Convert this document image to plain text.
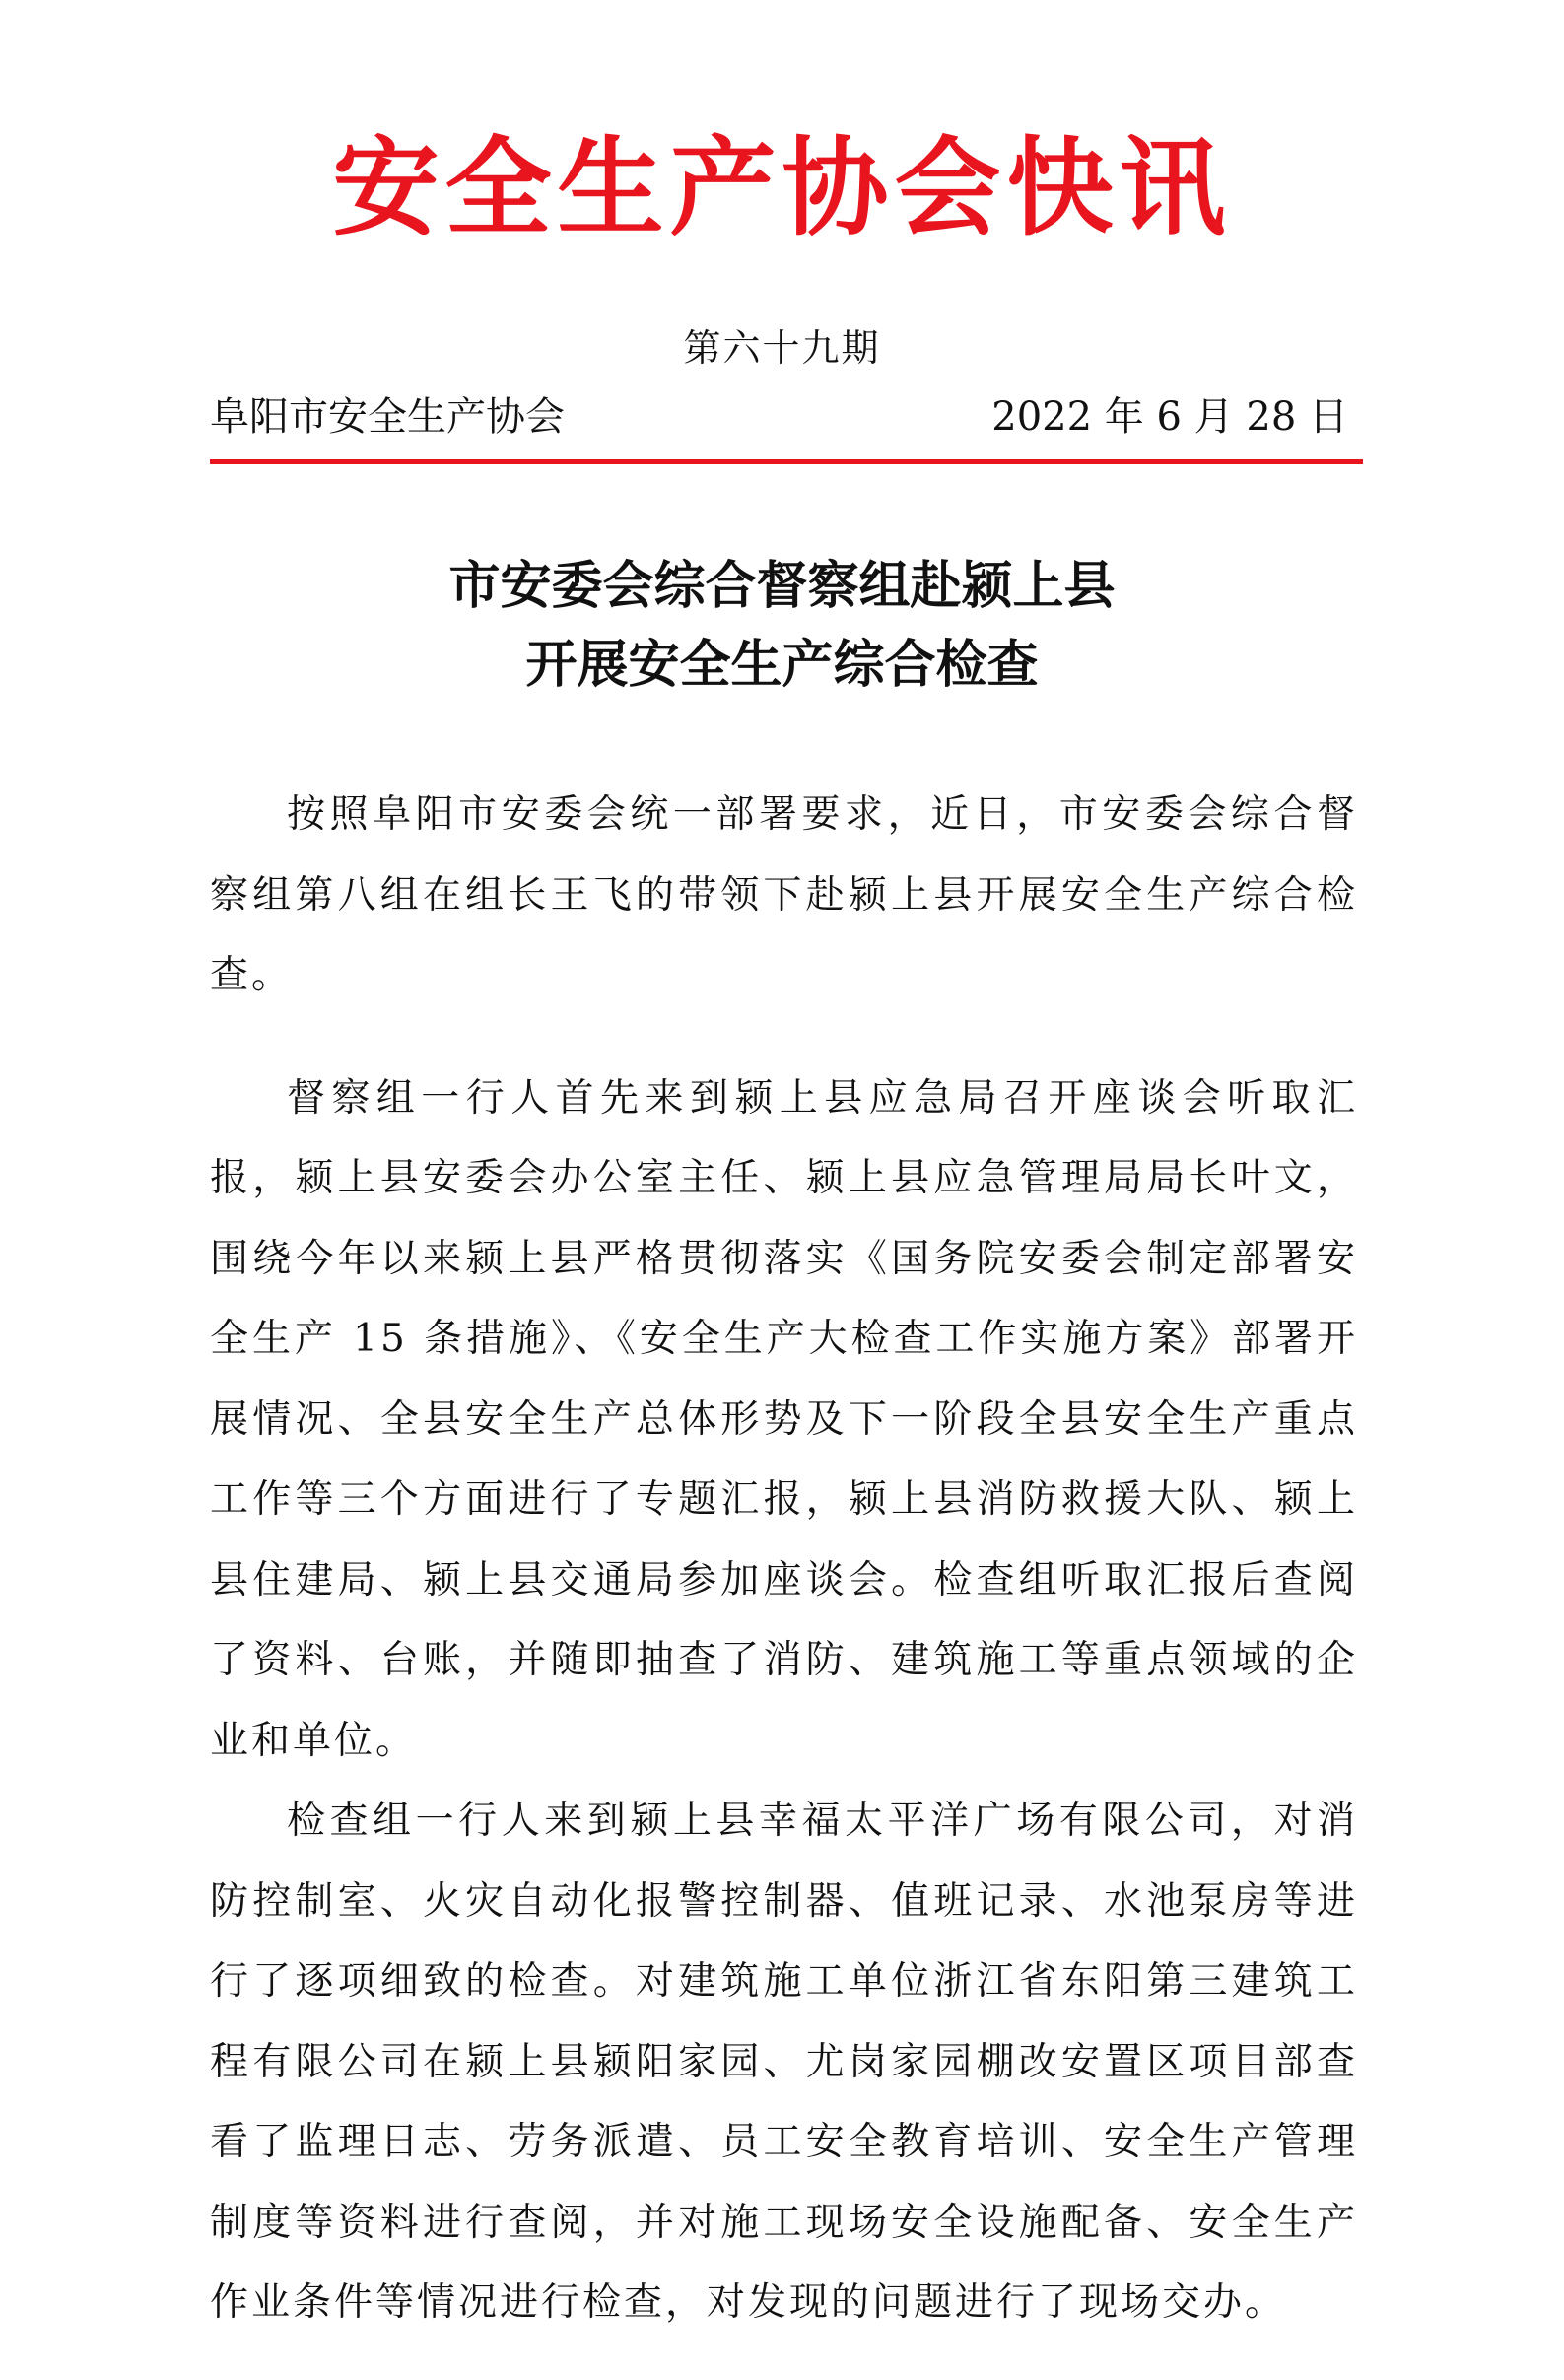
安全生产协会快讯
第六十九期
阜阳市安全生产协会	2022 年 6 月 28 日
市安委会综合督察组赴颍上县
开展安全生产综合检查

按照阜阳市安委会统一部署要求，近日，市安委会综合督察组第八组在组长王飞的带领下赴颍上县开展安全生产综合检查。

督察组一行人首先来到颍上县应急局召开座谈会听取汇报，颍上县安委会办公室主任、颍上县应急管理局局长叶文，围绕今年以来颍上县严格贯彻落实《国务院安委会制定部署安全生产 15 条措施》、《安全生产大检查工作实施方案》部署开展情况、全县安全生产总体形势及下一阶段全县安全生产重点工作等三个方面进行了专题汇报，颍上县消防救援大队、颍上县住建局、颍上县交通局参加座谈会。检查组听取汇报后查阅了资料、台账，并随即抽查了消防、建筑施工等重点领域的企业和单位。

检查组一行人来到颍上县幸福太平洋广场有限公司，对消防控制室、火灾自动化报警控制器、值班记录、水池泵房等进行了逐项细致的检查。对建筑施工单位浙江省东阳第三建筑工程有限公司在颍上县颍阳家园、尤岗家园棚改安置区项目部查看了监理日志、劳务派遣、员工安全教育培训、安全生产管理制度等资料进行查阅，并对施工现场安全设施配备、安全生产作业条件等情况进行检查，对发现的问题进行了现场交办。
